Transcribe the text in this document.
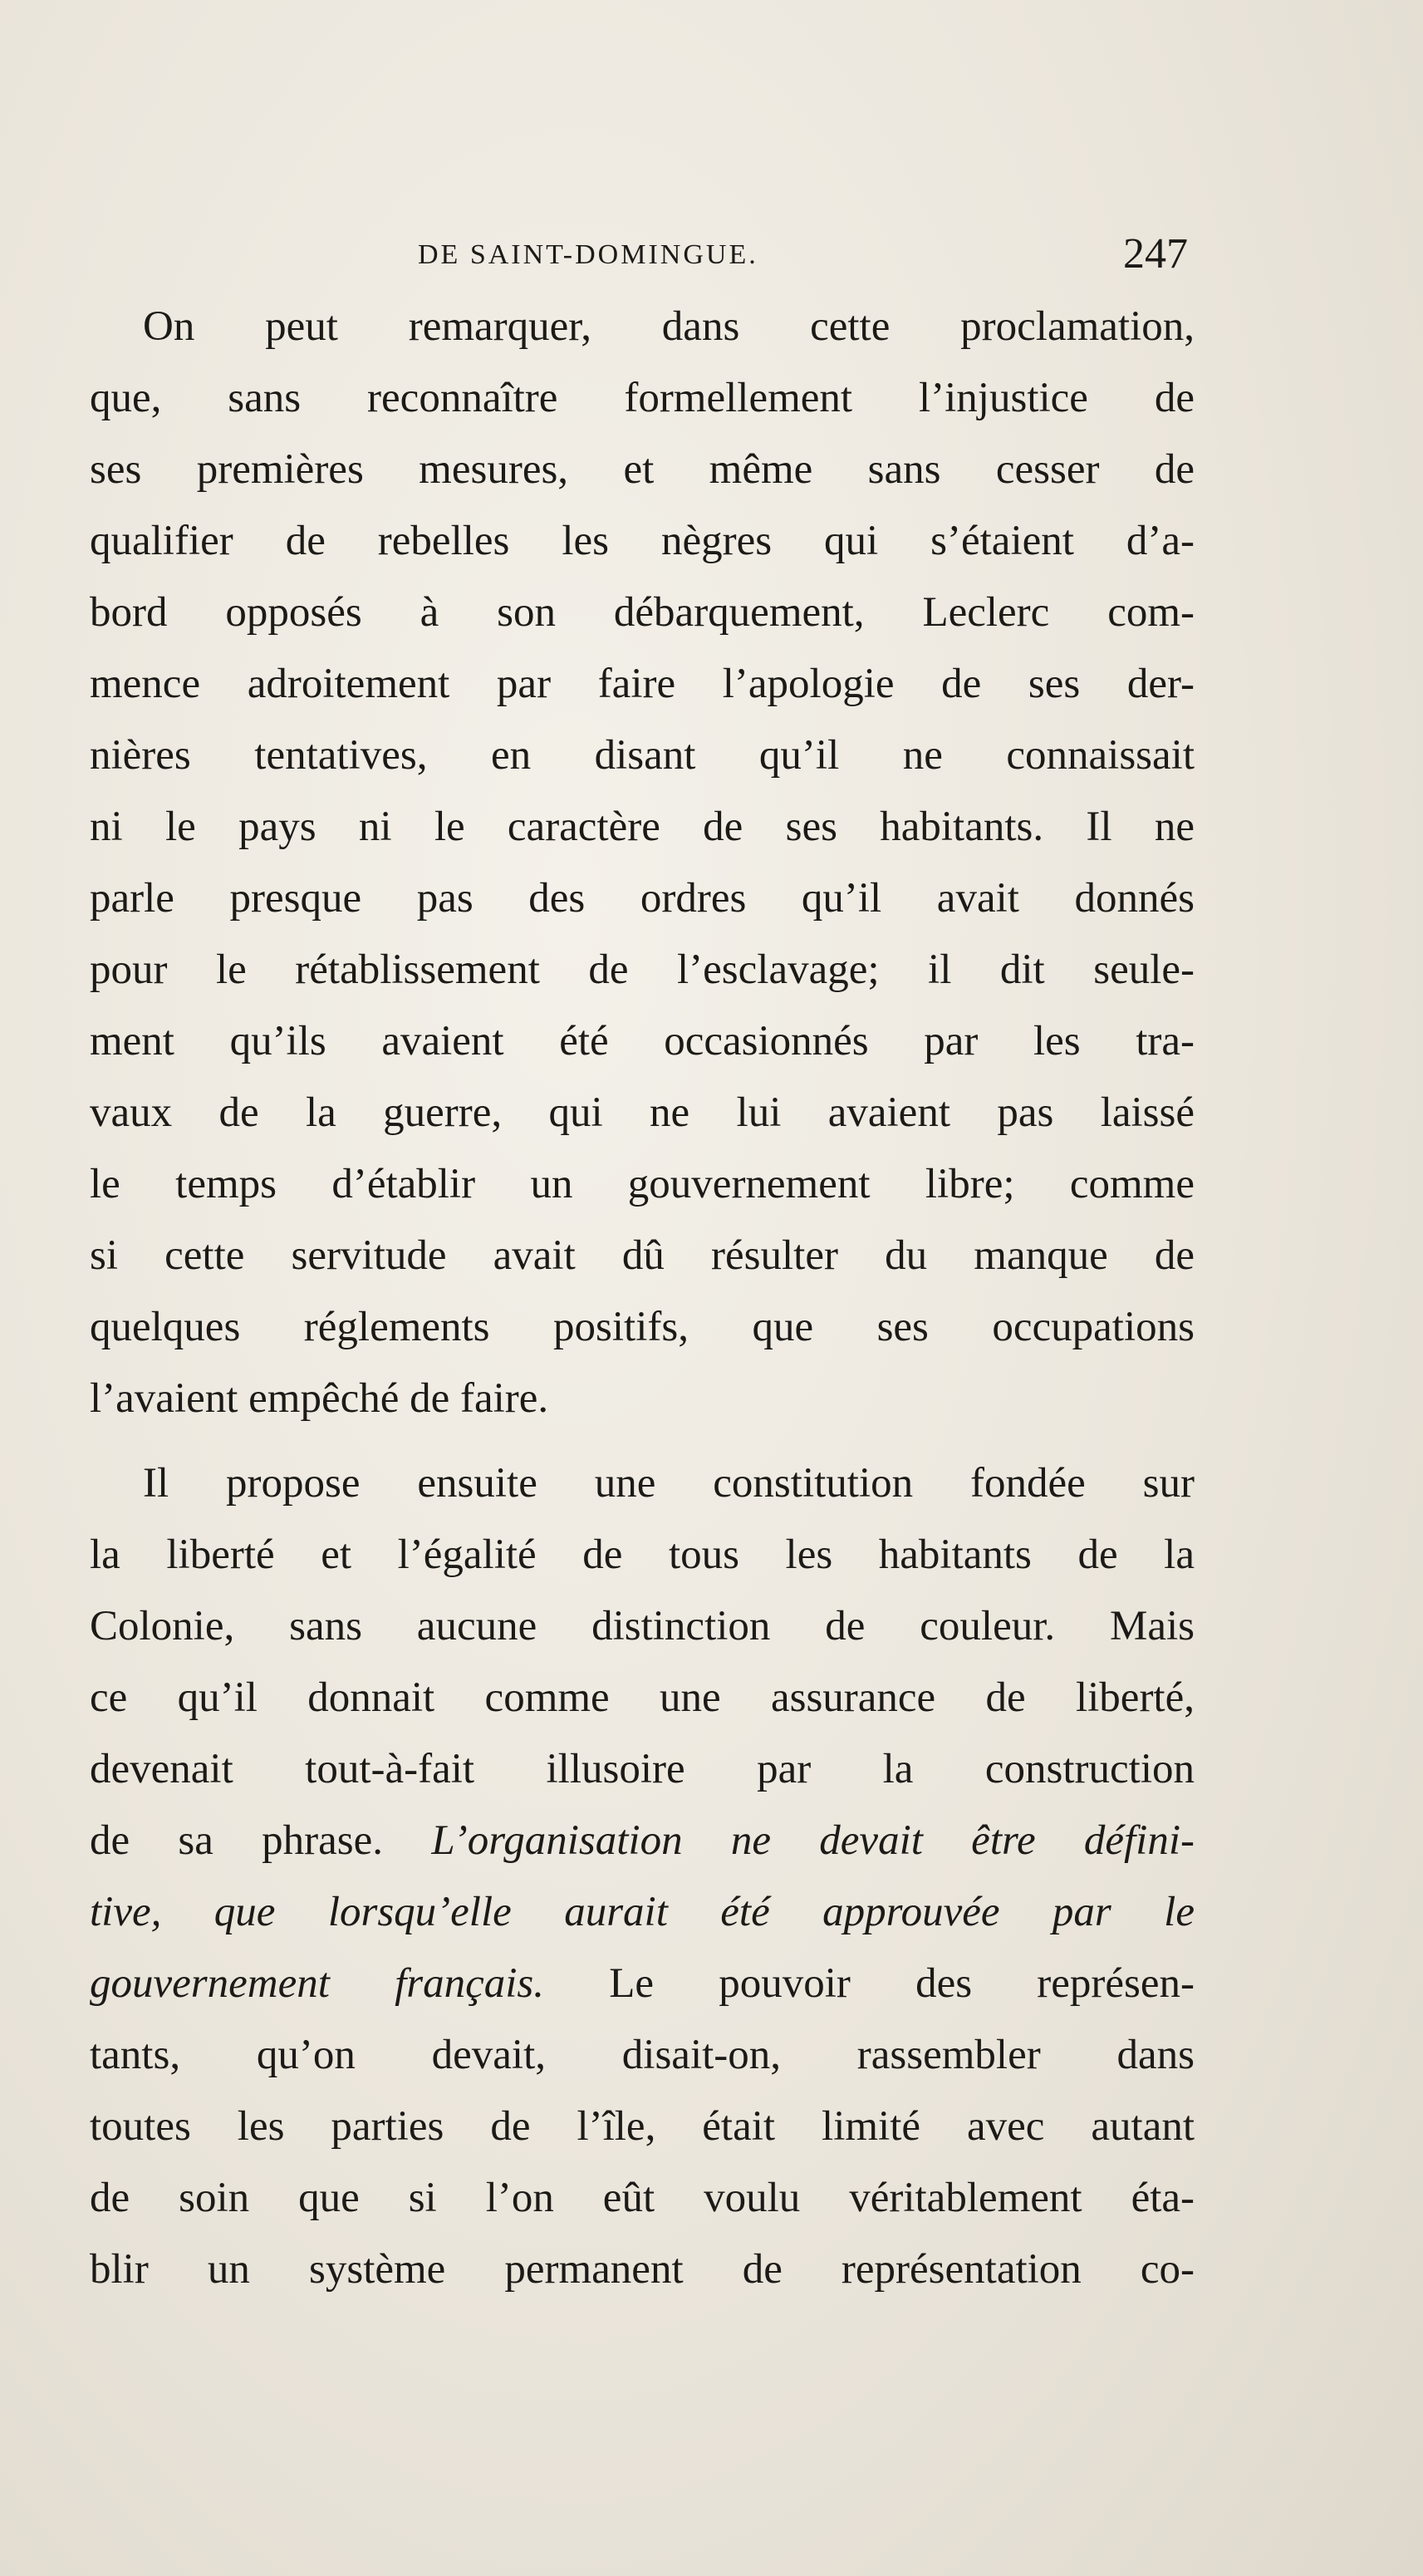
DE SAINT-DOMINGUE.	247
On peut remarquer, dans cette proclamation,
que, sans reconnaître formellement l’injustice de
ses premières mesures, et même sans cesser de
qualifier de rebelles les nègres qui s’étaient d’a-
bord opposés à son débarquement, Leclerc com-
mence adroitement par faire l’apologie de ses der-
nières tentatives, en disant qu’il ne connaissait
ni le pays ni le caractère de ses habitants. Il ne
parle presque pas des ordres qu’il avait donnés
pour le rétablissement de l’esclavage; il dit seule-
ment qu’ils avaient été occasionnés par les tra-
vaux de la guerre, qui ne lui avaient pas laissé
le temps d’établir un gouvernement libre; comme
si cette servitude avait dû résulter du manque de
quelques réglements positifs, que ses occupations
l’avaient empêché de faire.
Il propose ensuite une constitution fondée sur
la liberté et l’égalité de tous les habitants de la
Colonie, sans aucune distinction de couleur. Mais
ce qu’il donnait comme une assurance de liberté,
devenait tout-à-fait illusoire par la construction
de sa phrase. L’organisation ne devait être défini-
tive, que lorsqu’elle aurait été approuvée par le
gouvernement français. Le pouvoir des représen-
tants, qu’on devait, disait-on, rassembler dans
toutes les parties de l’île, était limité avec autant
de soin que si l’on eût voulu véritablement éta-
blir un système permanent de représentation co-
